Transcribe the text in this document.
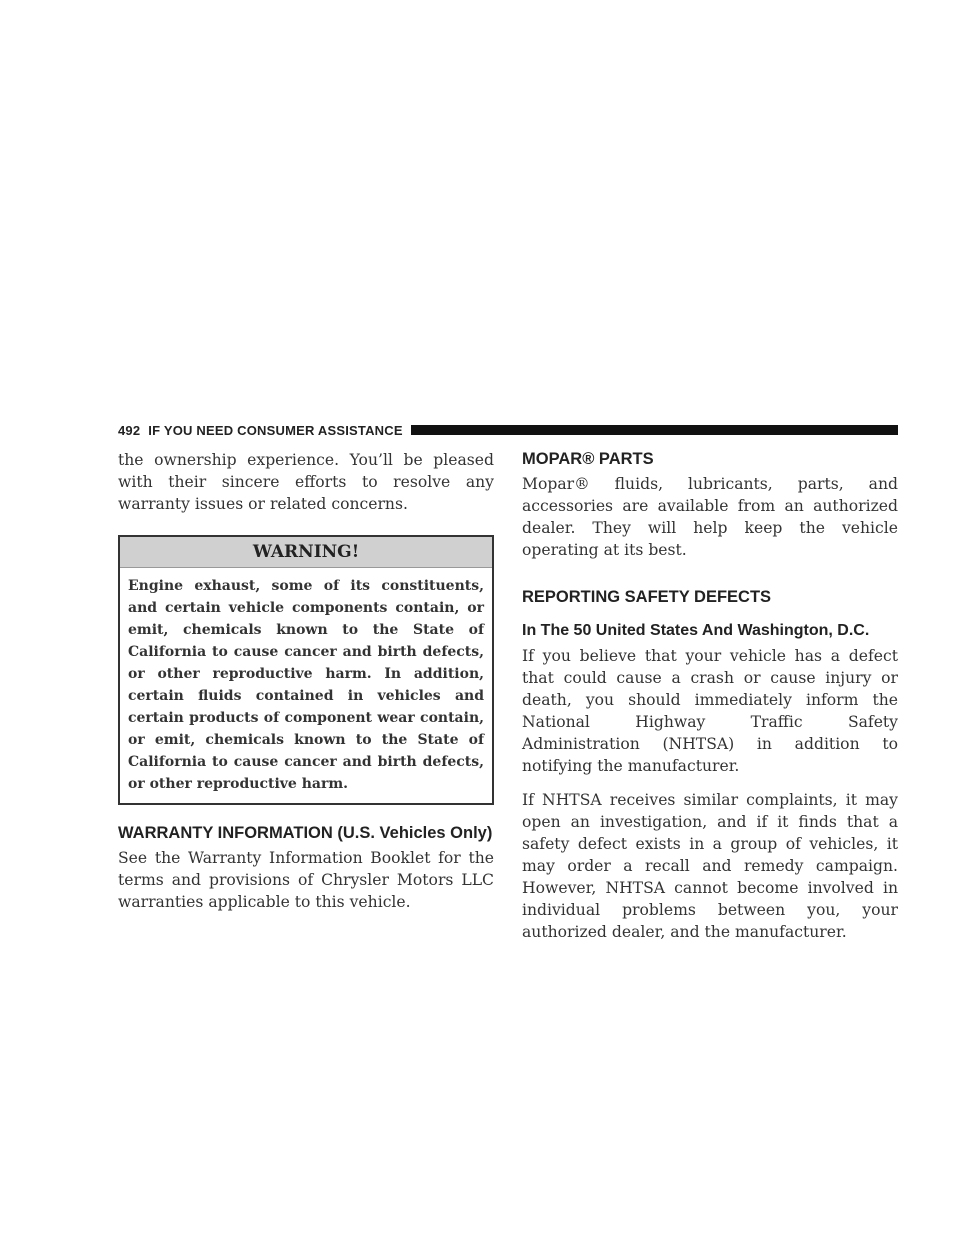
492 IF YOU NEED CONSUMER ASSISTANCE

the ownership experience. You’ll be pleased with their sincere efforts to resolve any warranty issues or related concerns.

WARNING!
Engine exhaust, some of its constituents, and certain vehicle components contain, or emit, chemicals known to the State of California to cause cancer and birth defects, or other reproductive harm. In addition, certain fluids contained in vehicles and certain products of component wear contain, or emit, chemicals known to the State of California to cause cancer and birth defects, or other reproductive harm.
WARRANTY INFORMATION (U.S. Vehicles Only)

See the Warranty Information Booklet for the terms and provisions of Chrysler Motors LLC warranties applicable to this vehicle.

MOPAR® PARTS

Mopar® fluids, lubricants, parts, and accessories are available from an authorized dealer. They will help keep the vehicle operating at its best.

REPORTING SAFETY DEFECTS
In The 50 United States And Washington, D.C.

If you believe that your vehicle has a defect that could cause a crash or cause injury or death, you should immediately inform the National Highway Traffic Safety Administration (NHTSA) in addition to notifying the manufacturer.

If NHTSA receives similar complaints, it may open an investigation, and if it finds that a safety defect exists in a group of vehicles, it may order a recall and remedy campaign. However, NHTSA cannot become involved in individual problems between you, your authorized dealer, and the manufacturer.
